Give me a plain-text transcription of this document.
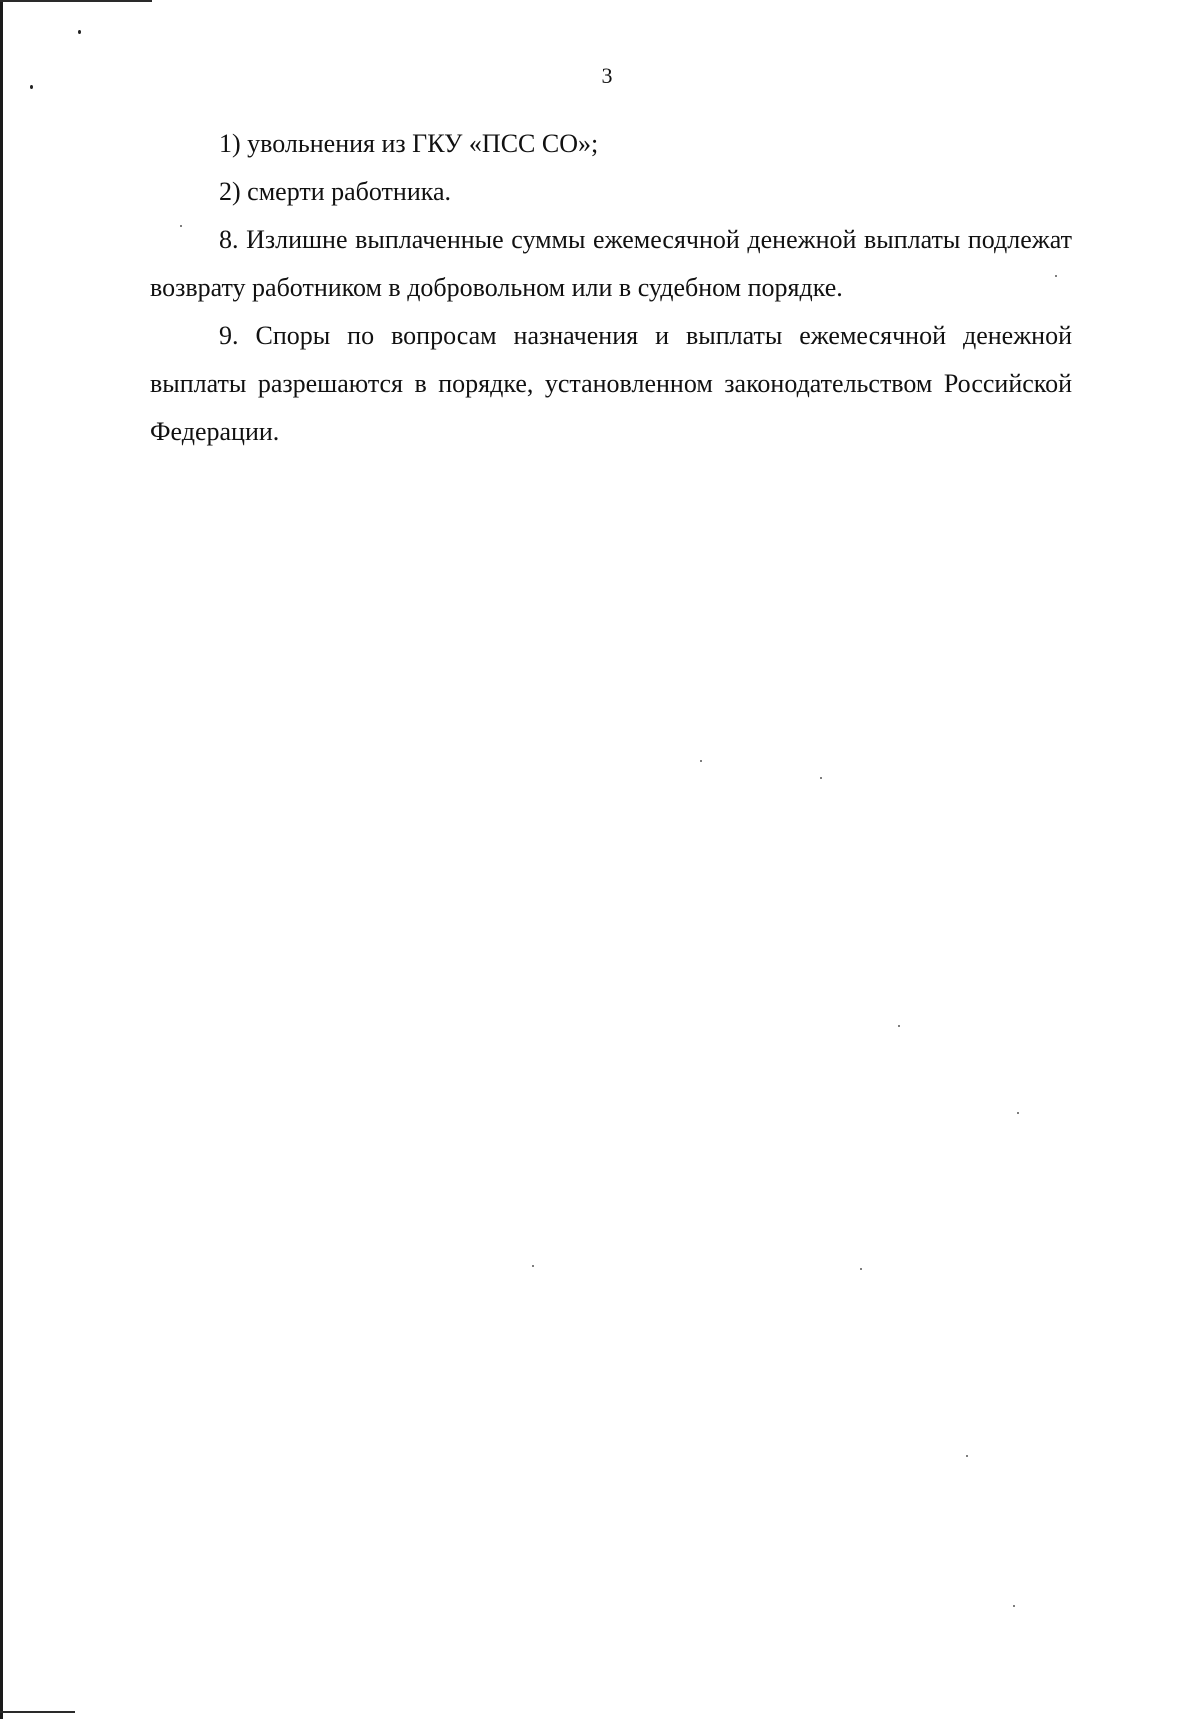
3

1) увольнения из ГКУ «ПСС СО»;

2) смерти работника.

8. Излишне выплаченные суммы ежемесячной денежной выплаты подлежат возврату работником в добровольном или в судебном порядке.

9. Споры по вопросам назначения и выплаты ежемесячной денежной выплаты разрешаются в порядке, установленном законодательством Российской Федерации.
